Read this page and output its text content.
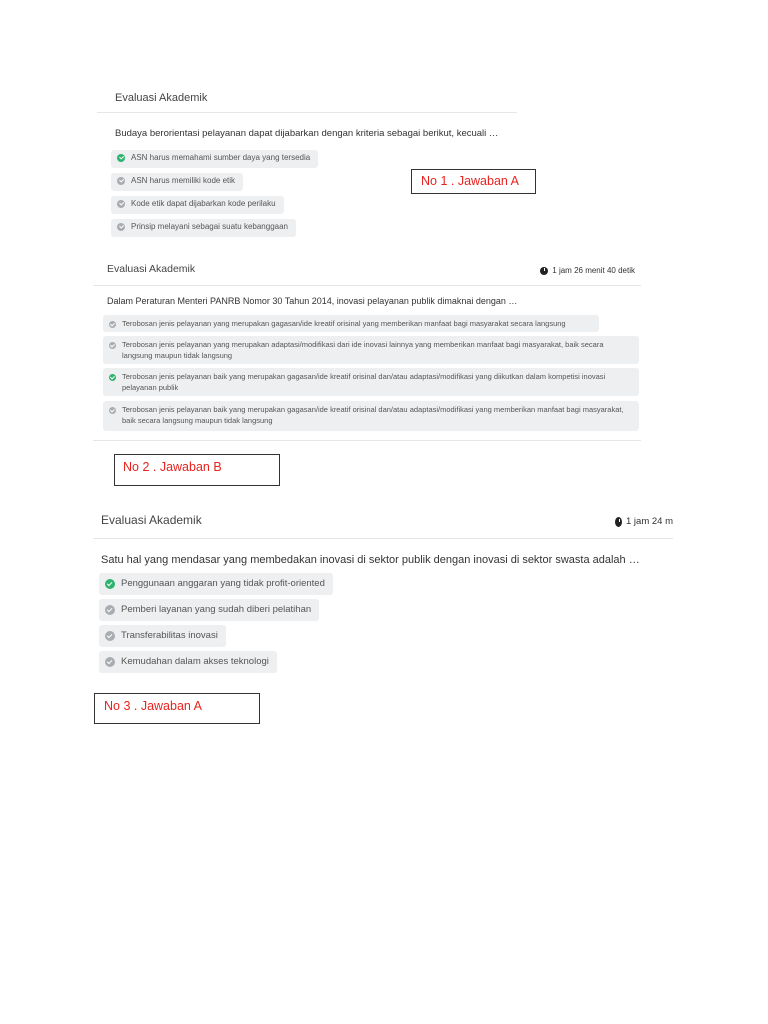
Evaluasi Akademik
Budaya berorientasi pelayanan dapat dijabarkan dengan kriteria sebagai berikut, kecuali …
ASN harus memahami sumber daya yang tersedia
ASN harus memiliki kode etik
Kode etik dapat dijabarkan kode perilaku
Prinsip melayani sebagai suatu kebanggaan
No 1 . Jawaban A
Evaluasi Akademik	1 jam 26 menit 40 detik
Dalam Peraturan Menteri PANRB Nomor 30 Tahun 2014, inovasi pelayanan publik dimaknai dengan …
Terobosan jenis pelayanan yang merupakan gagasan/ide kreatif orisinal yang memberikan manfaat bagi masyarakat secara langsung
Terobosan jenis pelayanan yang merupakan adaptasi/modifikasi dari ide inovasi lainnya yang memberikan manfaat bagi masyarakat, baik secara langsung maupun tidak langsung
Terobosan jenis pelayanan baik yang merupakan gagasan/ide kreatif orisinal dan/atau adaptasi/modifikasi yang diikutkan dalam kompetisi inovasi pelayanan publik
Terobosan jenis pelayanan baik yang merupakan gagasan/ide kreatif orisinal dan/atau adaptasi/modifikasi yang memberikan manfaat bagi masyarakat, baik secara langsung maupun tidak langsung
No 2 . Jawaban B
Evaluasi Akademik	1 jam 24 m
Satu hal yang mendasar yang membedakan inovasi di sektor publik dengan inovasi di sektor swasta adalah …
Penggunaan anggaran yang tidak profit-oriented
Pemberi layanan yang sudah diberi pelatihan
Transferabilitas inovasi
Kemudahan dalam akses teknologi
No 3 . Jawaban A
